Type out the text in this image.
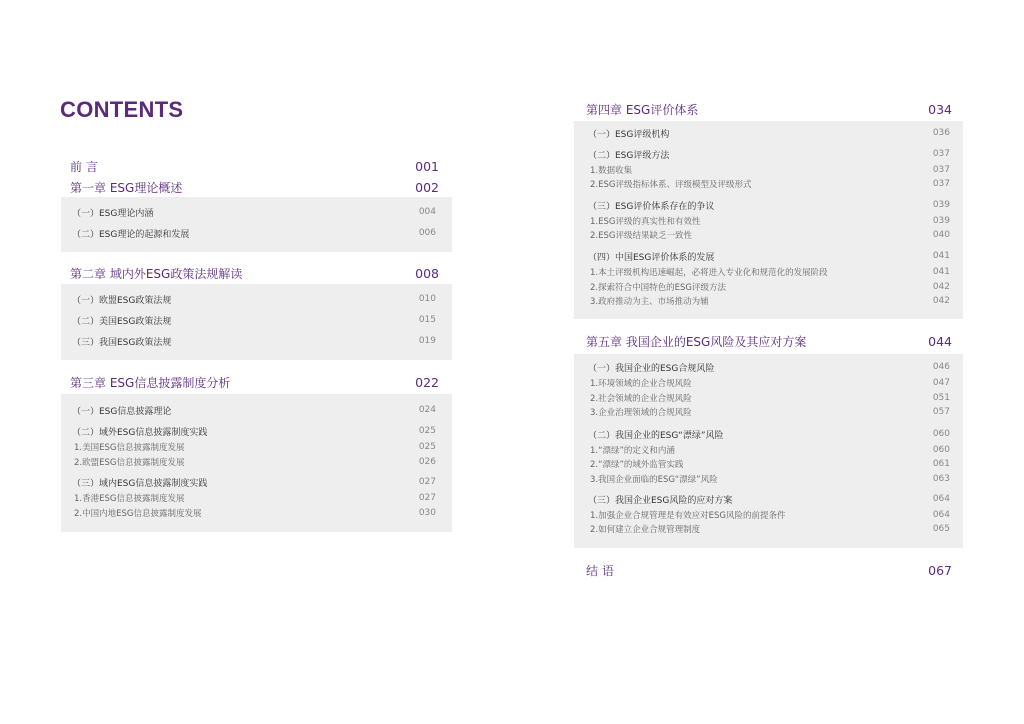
CONTENTS
前 言	001
第一章 ESG理论概述	002
（一）ESG理论内涵	004
（二）ESG理论的起源和发展	006
第二章 域内外ESG政策法规解读	008
（一）欧盟ESG政策法规	010
（二）美国ESG政策法规	015
（三）我国ESG政策法规	019
第三章 ESG信息披露制度分析	022
（一）ESG信息披露理论	024
（二）域外ESG信息披露制度实践	025
1.美国ESG信息披露制度发展	025
2.欧盟ESG信息披露制度发展	026
（三）域内ESG信息披露制度实践	027
1.香港ESG信息披露制度发展	027
2.中国内地ESG信息披露制度发展	030
第四章 ESG评价体系	034
（一）ESG评级机构	036
（二）ESG评级方法	037
1.数据收集	037
2.ESG评级指标体系、评级模型及评级形式	037
（三）ESG评价体系存在的争议	039
1.ESG评级的真实性和有效性	039
2.ESG评级结果缺乏一致性	040
（四）中国ESG评价体系的发展	041
1.本土评级机构迅速崛起，必将进入专业化和规范化的发展阶段	041
2.探索符合中国特色的ESG评级方法	042
3.政府推动为主、市场推动为辅	042
第五章 我国企业的ESG风险及其应对方案	044
（一）我国企业的ESG合规风险	046
1.环境领域的企业合规风险	047
2.社会领域的企业合规风险	051
3.企业治理领域的合规风险	057
（二）我国企业的ESG“漂绿”风险	060
1.“漂绿”的定义和内涵	060
2.“漂绿”的域外监管实践	061
3.我国企业面临的ESG“漂绿”风险	063
（三）我国企业ESG风险的应对方案	064
1.加强企业合规管理是有效应对ESG风险的前提条件	064
2.如何建立企业合规管理制度	065
结 语	067
